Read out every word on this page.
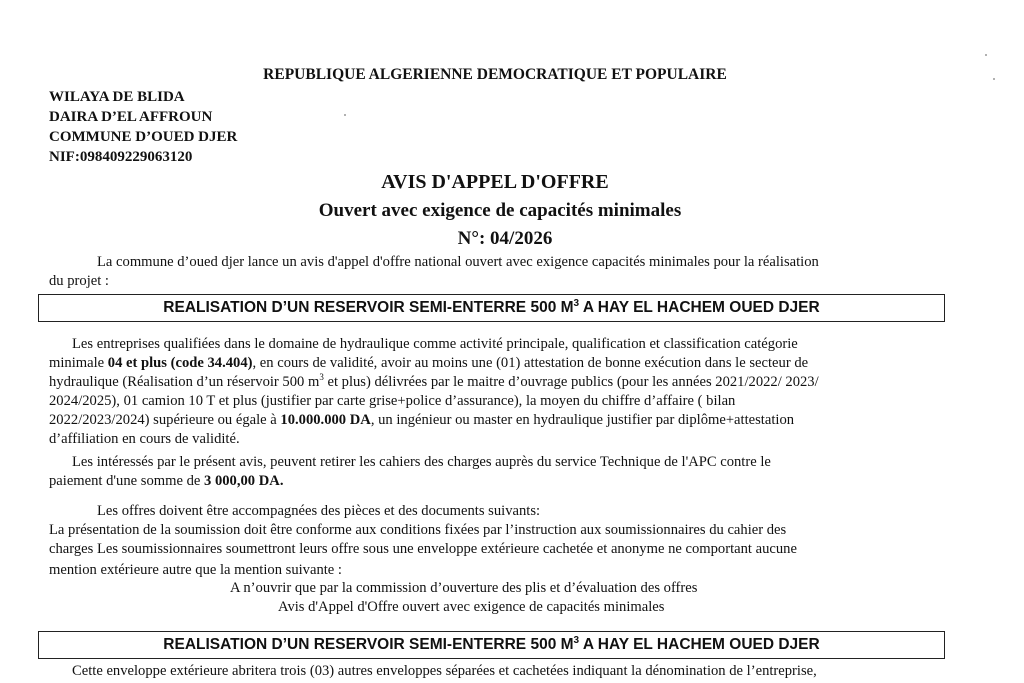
REPUBLIQUE ALGERIENNE DEMOCRATIQUE ET POPULAIRE
WILAYA DE BLIDA
DAIRA D’EL AFFROUN
COMMUNE D’OUED DJER
NIF:098409229063120
AVIS D'APPEL D'OFFRE
Ouvert avec exigence de capacités minimales
N°: 04/2026
La commune d’oued djer lance un avis d'appel d'offre national ouvert avec exigence capacités minimales pour la réalisation
du projet :
REALISATION D’UN RESERVOIR SEMI-ENTERRE 500 $M^3$ A HAY EL HACHEM OUED DJER
Les entreprises qualifiées dans le domaine de hydraulique comme activité principale, qualification et classification catégorie
minimale 04 et plus (code 34.404), en cours de validité, avoir au moins une (01) attestation de bonne exécution dans le secteur de
hydraulique (Réalisation d’un réservoir 500 $m^3$ et plus) délivrées par le maitre d’ouvrage publics (pour les années 2021/2022/ 2023/
2024/2025), 01 camion 10 T et plus (justifier par carte grise+police d’assurance), la moyen du chiffre d’affaire ( bilan
2022/2023/2024) supérieure ou égale à 10.000.000 DA, un ingénieur ou master en hydraulique justifier par diplôme+attestation
d’affiliation en cours de validité.
Les intéressés par le présent avis, peuvent retirer les cahiers des charges auprès du service Technique de l'APC contre le
paiement d'une somme de 3 000,00 DA.
Les offres doivent être accompagnées des pièces et des documents suivants:
La présentation de la soumission doit être conforme aux conditions fixées par l’instruction aux soumissionnaires du cahier des
charges Les soumissionnaires soumettront leurs offre sous une enveloppe extérieure cachetée et anonyme ne comportant aucune
mention extérieure autre que la mention suivante :
A n’ouvrir que par la commission d’ouverture des plis et d’évaluation des offres
Avis d'Appel d'Offre ouvert avec exigence de capacités minimales
REALISATION D’UN RESERVOIR SEMI-ENTERRE 500 $M^3$ A HAY EL HACHEM OUED DJER
Cette enveloppe extérieure abritera trois (03) autres enveloppes séparées et cachetées indiquant la dénomination de l’entreprise,
